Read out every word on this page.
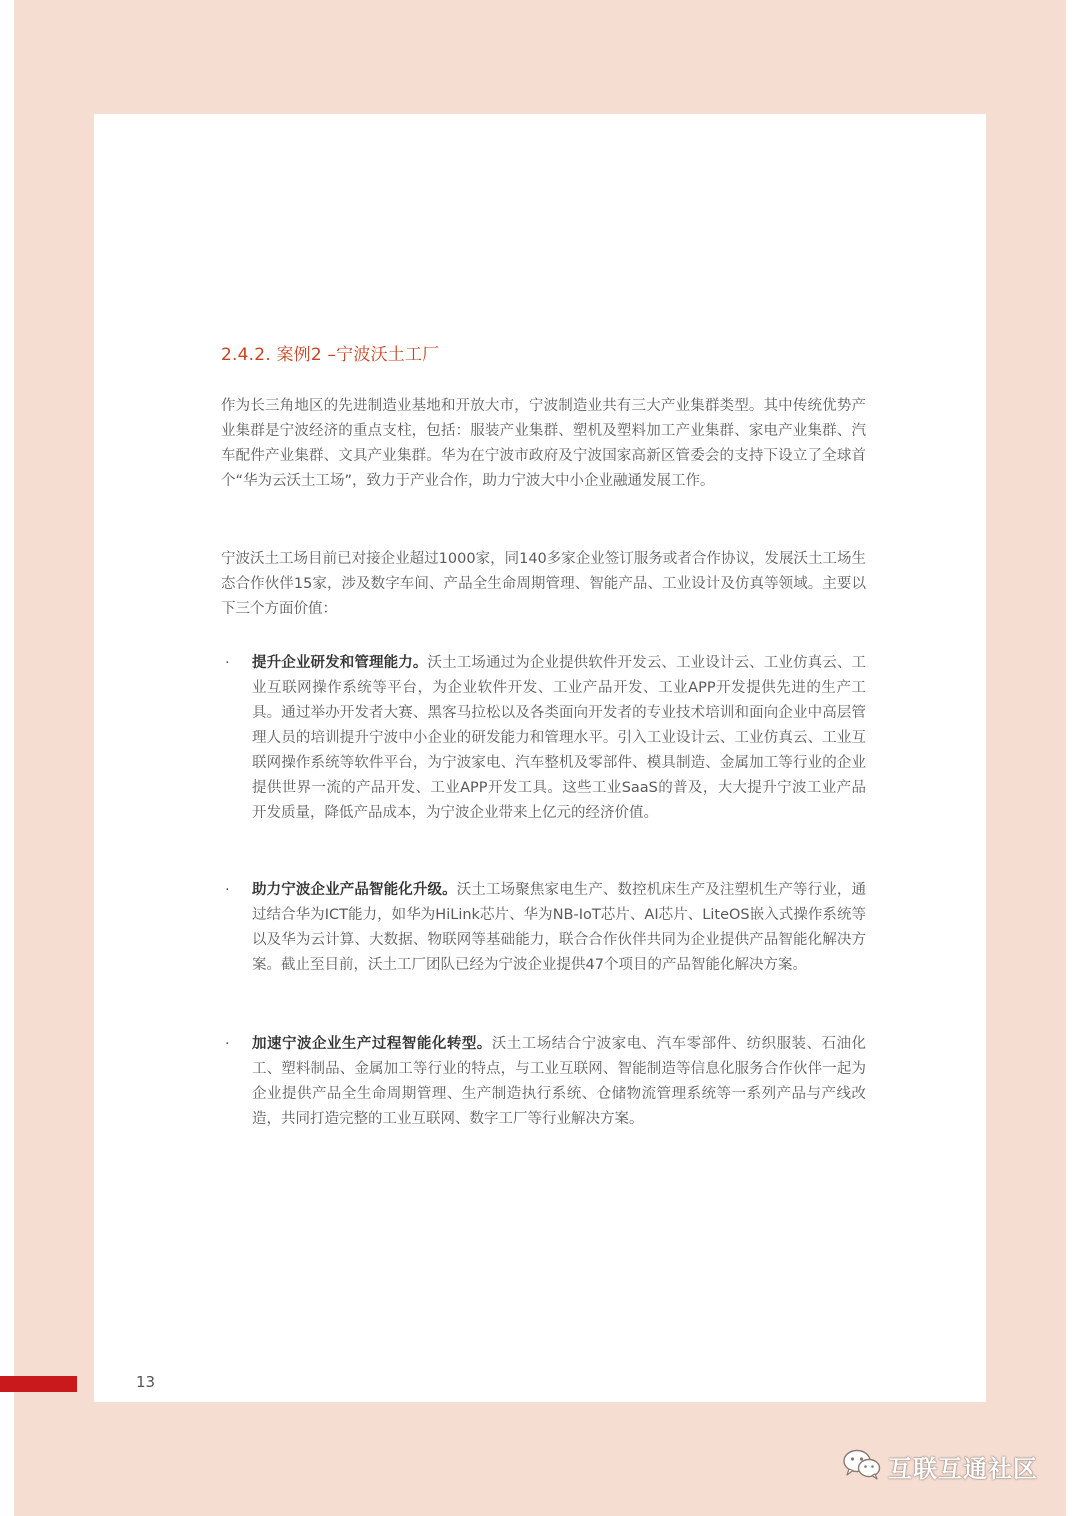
2.4.2. 案例2 –宁波沃土工厂

作为长三角地区的先进制造业基地和开放大市，宁波制造业共有三大产业集群类型。其中传统优势产业集群是宁波经济的重点支柱，包括：服装产业集群、塑机及塑料加工产业集群、家电产业集群、汽车配件产业集群、文具产业集群。华为在宁波市政府及宁波国家高新区管委会的支持下设立了全球首个“华为云沃土工场”，致力于产业合作，助力宁波大中小企业融通发展工作。

宁波沃土工场目前已对接企业超过1000家，同140多家企业签订服务或者合作协议，发展沃土工场生态合作伙伴15家，涉及数字车间、产品全生命周期管理、智能产品、工业设计及仿真等领域。主要以下三个方面价值：

· 提升企业研发和管理能力。沃土工场通过为企业提供软件开发云、工业设计云、工业仿真云、工业互联网操作系统等平台，为企业软件开发、工业产品开发、工业APP开发提供先进的生产工具。通过举办开发者大赛、黑客马拉松以及各类面向开发者的专业技术培训和面向企业中高层管理人员的培训提升宁波中小企业的研发能力和管理水平。引入工业设计云、工业仿真云、工业互联网操作系统等软件平台，为宁波家电、汽车整机及零部件、模具制造、金属加工等行业的企业提供世界一流的产品开发、工业APP开发工具。这些工业SaaS的普及，大大提升宁波工业产品开发质量，降低产品成本，为宁波企业带来上亿元的经济价值。
· 助力宁波企业产品智能化升级。沃土工场聚焦家电生产、数控机床生产及注塑机生产等行业，通过结合华为ICT能力，如华为HiLink芯片、华为NB-IoT芯片、AI芯片、LiteOS嵌入式操作系统等以及华为云计算、大数据、物联网等基础能力，联合合作伙伴共同为企业提供产品智能化解决方案。截止至目前，沃土工厂团队已经为宁波企业提供47个项目的产品智能化解决方案。
· 加速宁波企业生产过程智能化转型。沃土工场结合宁波家电、汽车零部件、纺织服装、石油化工、塑料制品、金属加工等行业的特点，与工业互联网、智能制造等信息化服务合作伙伴一起为企业提供产品全生命周期管理、生产制造执行系统、仓储物流管理系统等一系列产品与产线改造，共同打造完整的工业互联网、数字工厂等行业解决方案。
13
互联互通社区
